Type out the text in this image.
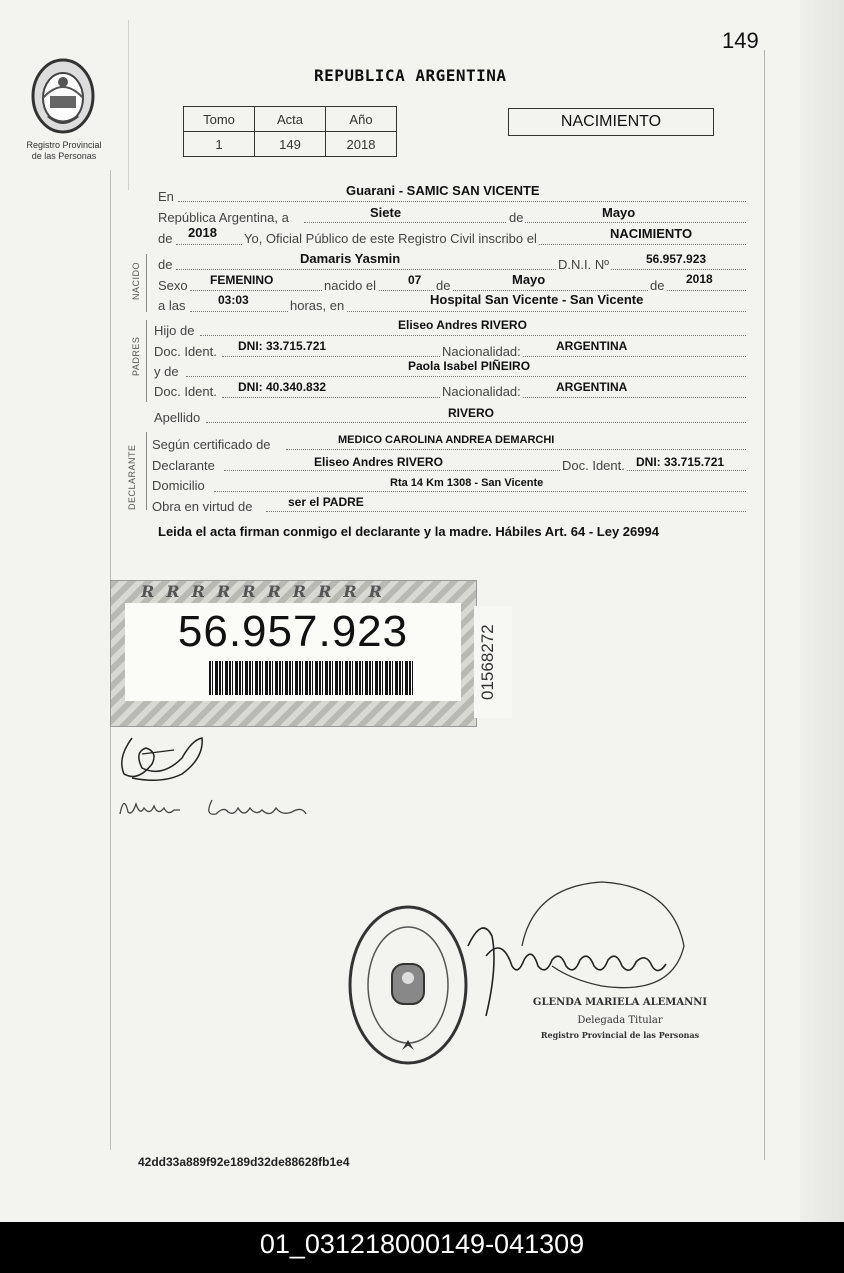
149
Registro Provincial
de las Personas
REPUBLICA ARGENTINA
Tomo	Acta	Año
1	149	2018
NACIMIENTO
En	Guarani - SAMIC SAN VICENTE
República Argentina, a	Siete	de	Mayo
de 2018 Yo, Oficial Público de este Registro Civil inscribo el	NACIMIENTO
NACIDO de	Damaris Yasmin	D.N.I. Nº	56.957.923
Sexo FEMENINO	nacido el	07 de	Mayo	de 2018
a las	03:03	horas, en	Hospital San Vicente - San Vicente
PADRES
Hijo de	Eliseo Andres RIVERO
Doc. Ident. DNI: 33.715.721	Nacionalidad:	ARGENTINA
y de	Paola Isabel PIÑEIRO
Doc. Ident. DNI: 40.340.832	Nacionalidad:	ARGENTINA
Apellido	RIVERO
DECLARANTE Según certificado de	MEDICO CAROLINA ANDREA DEMARCHI
Declarante	Eliseo Andres RIVERO	Doc. Ident. DNI: 33.715.721
Domicilio	Rta 14 Km 1308 - San Vicente
Obra en virtud de	ser el PADRE
Leida el acta firman conmigo el declarante y la madre. Hábiles Art. 64 - Ley 26994
RRRRRRRRRR
56.957.923	01568272
GLENDA MARIELA ALEMANNI
Delegada Titular
Registro Provincial de las Personas
42dd33a889f92e189d32de88628fb1e4
01_031218000149-041309
